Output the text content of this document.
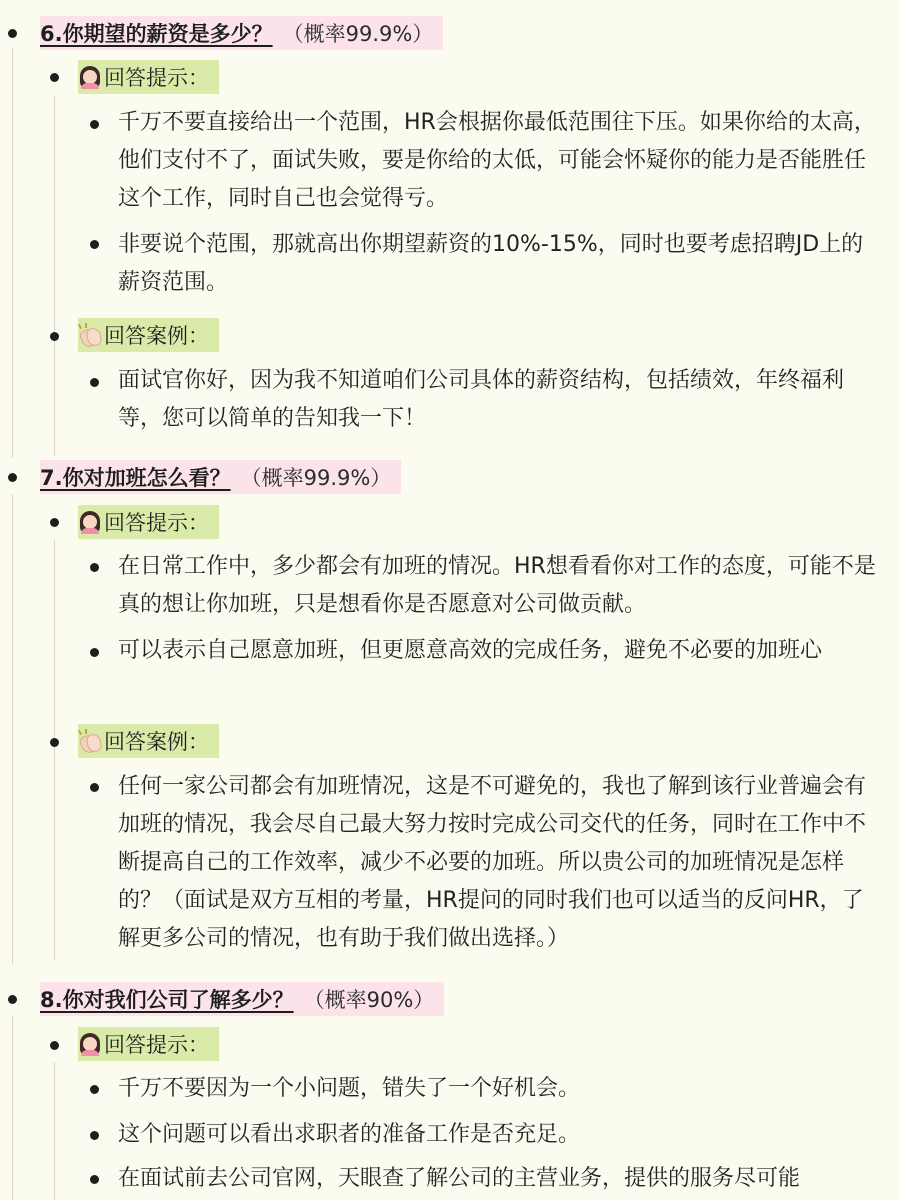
6.你期望的薪资是多少？ （概率99.9%）
回答提示：
千万不要直接给出一个范围，HR会根据你最低范围往下压。如果你给的太高，他们支付不了，面试失败，要是你给的太低，可能会怀疑你的能力是否能胜任这个工作，同时自己也会觉得亏。
非要说个范围，那就高出你期望薪资的10%-15%，同时也要考虑招聘JD上的薪资范围。
回答案例：
面试官你好，因为我不知道咱们公司具体的薪资结构，包括绩效，年终福利等，您可以简单的告知我一下！
7.你对加班怎么看？ （概率99.9%）
回答提示：
在日常工作中，多少都会有加班的情况。HR想看看你对工作的态度，可能不是真的想让你加班，只是想看你是否愿意对公司做贡献。
可以表示自己愿意加班，但更愿意高效的完成任务，避免不必要的加班心
回答案例：
任何一家公司都会有加班情况，这是不可避免的，我也了解到该行业普遍会有加班的情况，我会尽自己最大努力按时完成公司交代的任务，同时在工作中不断提高自己的工作效率，减少不必要的加班。所以贵公司的加班情况是怎样的？（面试是双方互相的考量，HR提问的同时我们也可以适当的反问HR，了解更多公司的情况，也有助于我们做出选择。）
8.你对我们公司了解多少？ （概率90%）
回答提示：
千万不要因为一个小问题，错失了一个好机会。
这个问题可以看出求职者的准备工作是否充足。
在面试前去公司官网，天眼查了解公司的主营业务，提供的服务尽可能
